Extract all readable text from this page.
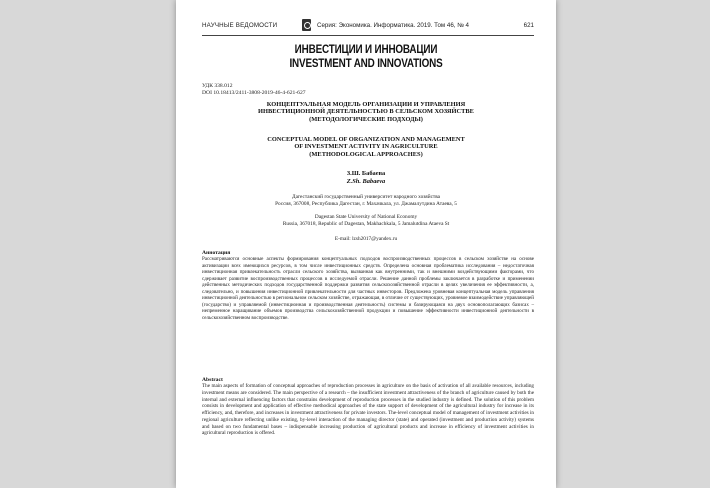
НАУЧНЫЕ ВЕДОМОСТИ	Серия: Экономика. Информатика. 2019. Том 46, № 4	621
ИНВЕСТИЦИИ И ИННОВАЦИИ
INVESTMENT AND INNOVATIONS
УДК 338.012
DOI 10.18413/2411-3808-2019-46-4-621-627
КОНЦЕПТУАЛЬНАЯ МОДЕЛЬ ОРГАНИЗАЦИИ И УПРАВЛЕНИЯ
ИНВЕСТИЦИОННОЙ ДЕЯТЕЛЬНОСТЬЮ В СЕЛЬСКОМ ХОЗЯЙСТВЕ
(МЕТОДОЛОГИЧЕСКИЕ ПОДХОДЫ)
CONCEPTUAL MODEL OF ORGANIZATION AND MANAGEMENT
OF INVESTMENT ACTIVITY IN AGRICULTURE
(METHODOLOGICAL APPROACHES)
З.Ш. Бабаева
Z.Sh. Babaeva
Дагестанский государственный университет народного хозяйства
Россия, 367008, Республика Дагестан, г. Махачкала, ул. Джамалутдина Атаева, 5
Dagestan State University of National Economy
Russia, 367018, Republic of Dagestan, Makhachkala, 5 Jamalutdina Ataeva St
E-mail: lzsh2017@yandex.ru
Аннотация
Рассматриваются основные аспекты формирования концептуальных подходов воспроизводственных процессов в сельском хозяйстве на основе активизации всех имеющихся ресурсов, в том числе инвестиционных средств. Определена основная проблематика исследования – недостаточная инвестиционная привлекательность отрасли сельского хозяйства, вызванная как внутренними, так и внешними воздействующими факторами, что сдерживает развитие воспроизводственных процессов в исследуемой отрасли. Решение данной проблемы заключается в разработке и применении действенных методических подходов государственной поддержки развития сельскохозяйственной отрасли в целях увеличения ее эффективности, а, следовательно, и повышения инвестиционной привлекательности для частных инвесторов. Предложена уровневая концептуальная модель управления инвестиционной деятельностью в региональном сельском хозяйстве, отражающая, в отличие от существующих, уровневое взаимодействие управляющей (государство) и управляемой (инвестиционная и производственная деятельность) системы и базирующаяся на двух основополагающих базисах – непременное наращивание объемов производства сельскохозяйственной продукции и повышение эффективности инвестиционной деятельности в сельскохозяйственном воспроизводстве.
Abstract
The main aspects of formation of conceptual approaches of reproduction processes in agriculture on the basis of activation of all available resources, including investment means are considered. The main perspective of a research – the insufficient investment attractiveness of the branch of agriculture caused by both the internal and external influencing factors that constrains development of reproduction processes in the studied industry is defined. The solution of this problem consists in development and application of effective methodical approaches of the state support of development of the agricultural industry for increase in its efficiency, and, therefore, and increases in investment attractiveness for private investors. The-level conceptual model of management of investment activities in regional agriculture reflecting unlike existing, by-level interaction of the managing director (state) and operated (investment and production activity) systems and based on two fundamental bases – indispensable increasing production of agricultural products and increase in efficiency of investment activities in agricultural reproduction is offered.
